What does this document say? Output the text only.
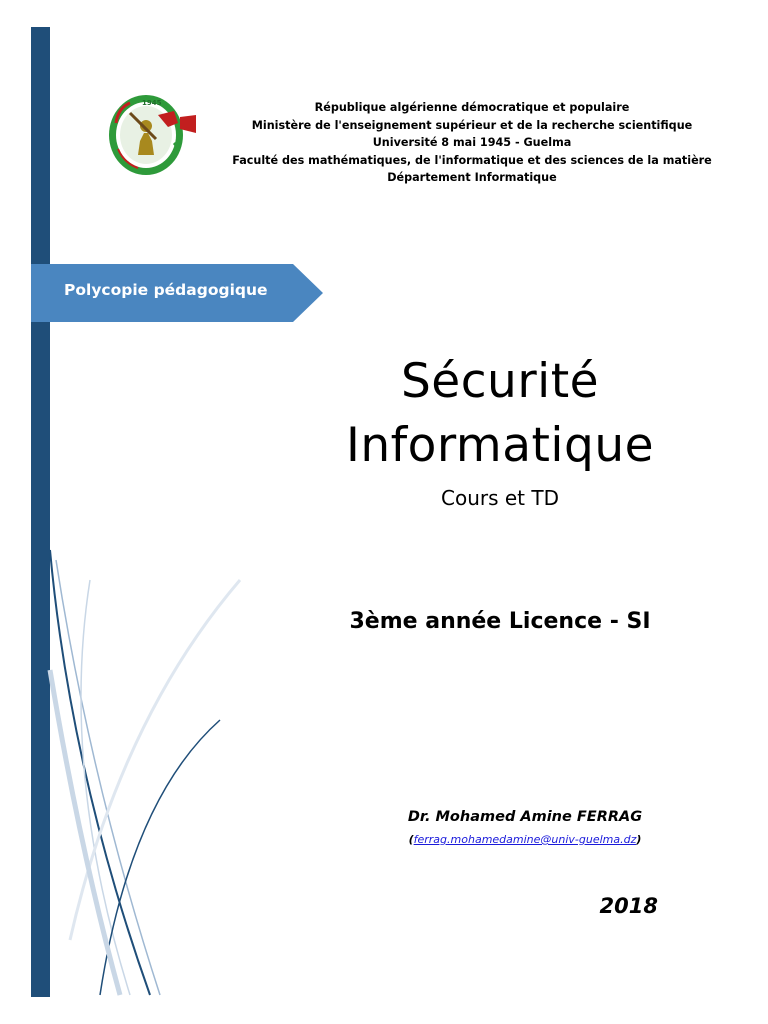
1945	République algérienne démocratique et populaire
Ministère de l'enseignement supérieur et de la recherche scientifique
Université 8 mai 1945 - Guelma
Faculté des mathématiques, de l'informatique et des sciences de la matière
Département Informatique
Polycopie pédagogique
Sécurité
Informatique
Cours et TD
3ème année Licence - SI
Dr. Mohamed Amine FERRAG
(ferrag.mohamedamine@univ-guelma.dz)
2018
